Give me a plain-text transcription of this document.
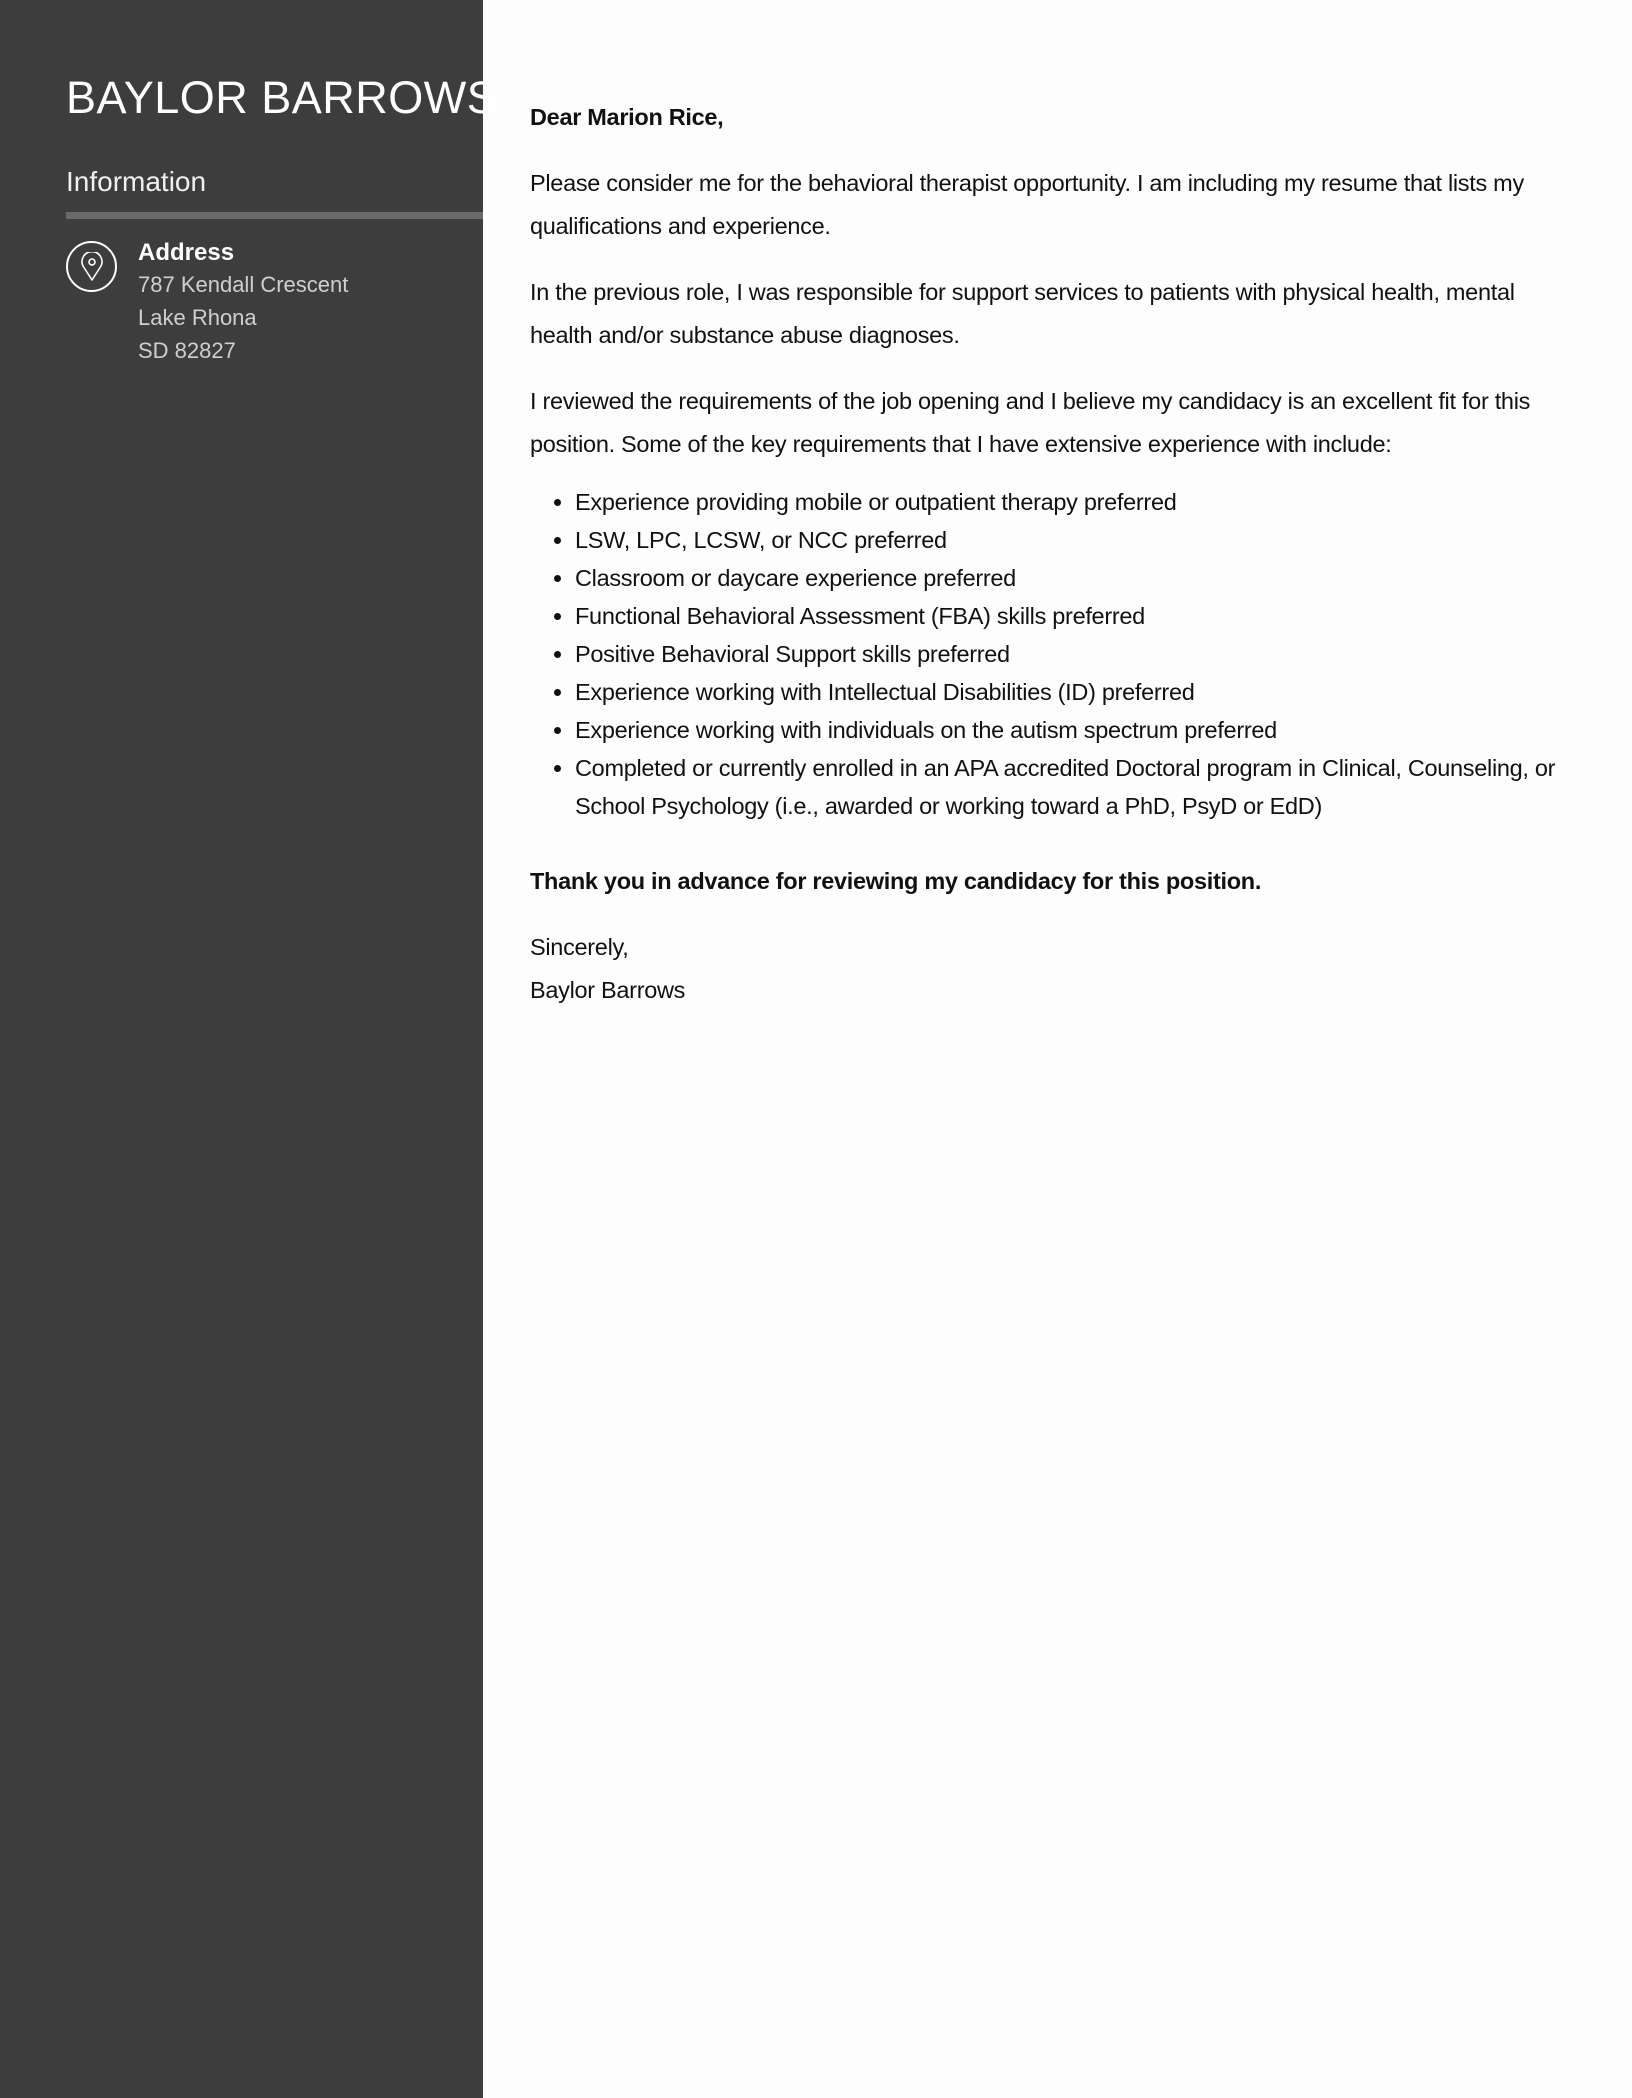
BAYLOR BARROWS
Information
Address
787 Kendall Crescent
Lake Rhona
SD 82827

Dear Marion Rice,

Please consider me for the behavioral therapist opportunity. I am including my resume that lists my qualifications and experience.

In the previous role, I was responsible for support services to patients with physical health, mental health and/or substance abuse diagnoses.

I reviewed the requirements of the job opening and I believe my candidacy is an excellent fit for this position. Some of the key requirements that I have extensive experience with include:

• Experience providing mobile or outpatient therapy preferred
• LSW, LPC, LCSW, or NCC preferred
• Classroom or daycare experience preferred
• Functional Behavioral Assessment (FBA) skills preferred
• Positive Behavioral Support skills preferred
• Experience working with Intellectual Disabilities (ID) preferred
• Experience working with individuals on the autism spectrum preferred
• Completed or currently enrolled in an APA accredited Doctoral program in Clinical, Counseling, or School Psychology (i.e., awarded or working toward a PhD, PsyD or EdD)

Thank you in advance for reviewing my candidacy for this position.

Sincerely,
Baylor Barrows
